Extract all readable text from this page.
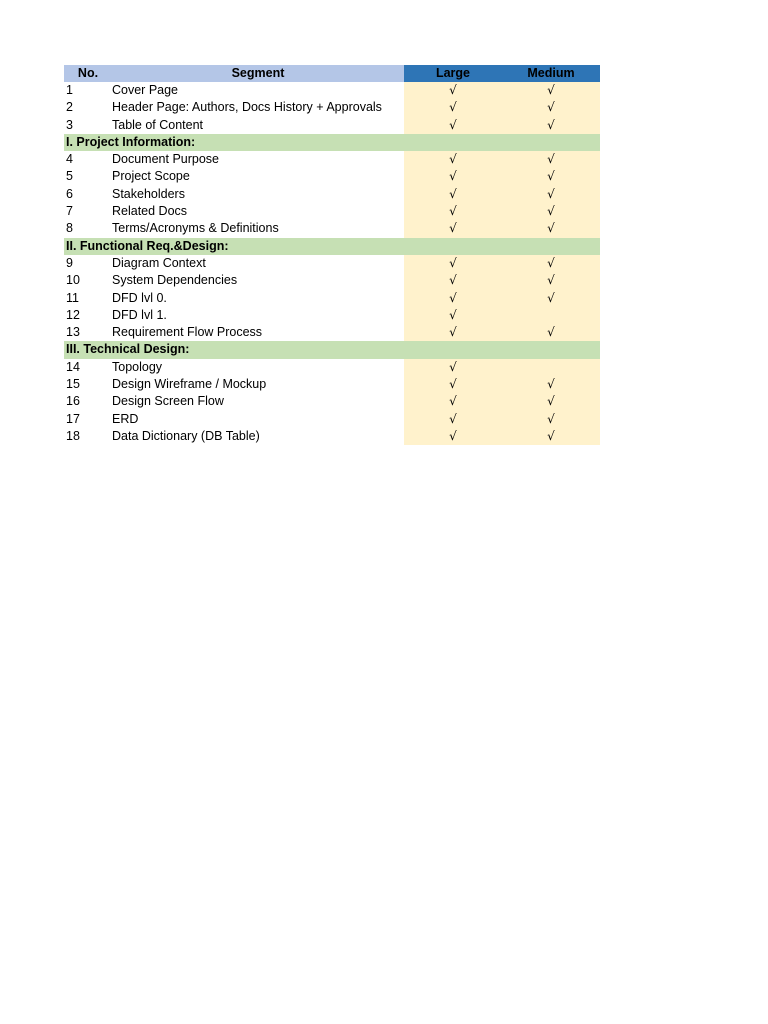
No.	Segment	Large	Medium
1	Cover Page	√	√
2	Header Page: Authors, Docs History + Approvals	√	√
3	Table of Content	√	√
I. Project Information:
4	Document Purpose	√	√
5	Project Scope	√	√
6	Stakeholders	√	√
7	Related Docs	√	√
8	Terms/Acronyms & Definitions	√	√
II. Functional Req.&Design:
9	Diagram Context	√	√
10	System Dependencies	√	√
11	DFD lvl 0.	√	√
12	DFD lvl 1.	√
13	Requirement Flow Process	√	√
III. Technical Design:
14	Topology	√
15	Design Wireframe / Mockup	√	√
16	Design Screen Flow	√	√
17	ERD	√	√
18	Data Dictionary (DB Table)	√	√
